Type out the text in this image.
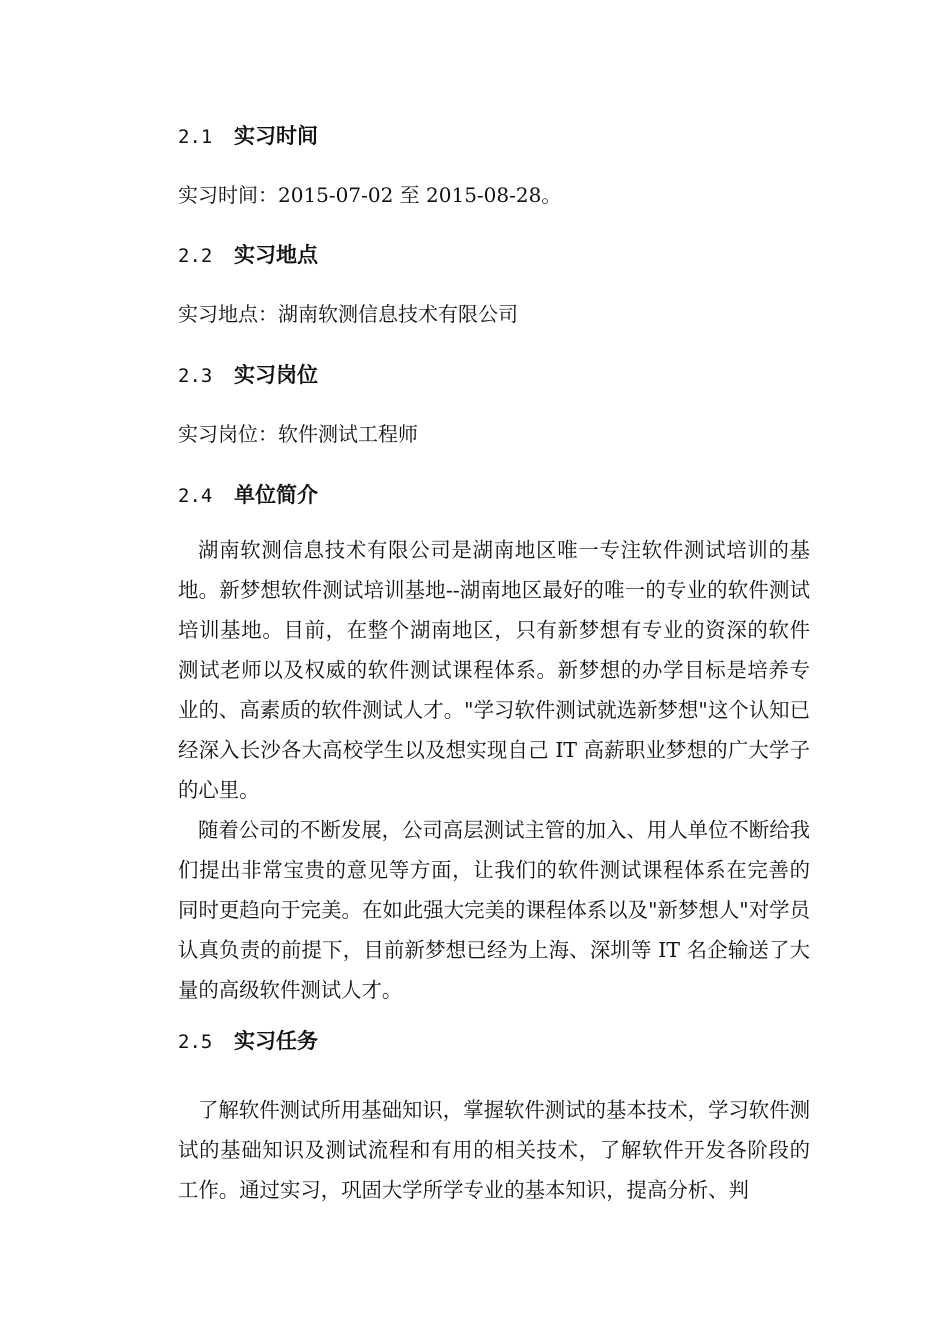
2.1 实习时间
实习时间：2015-07-02 至 2015-08-28。
2.2 实习地点
实习地点：湖南软测信息技术有限公司
2.3 实习岗位
实习岗位：软件测试工程师
2.4 单位简介

湖南软测信息技术有限公司是湖南地区唯一专注软件测试培训的基地。新梦想软件测试培训基地--湖南地区最好的唯一的专业的软件测试培训基地。目前，在整个湖南地区，只有新梦想有专业的资深的软件测试老师以及权威的软件测试课程体系。新梦想的办学目标是培养专业的、高素质的软件测试人才。"学习软件测试就选新梦想"这个认知已经深入长沙各大高校学生以及想实现自己 IT 高薪职业梦想的广大学子的心里。

随着公司的不断发展，公司高层测试主管的加入、用人单位不断给我们提出非常宝贵的意见等方面，让我们的软件测试课程体系在完善的同时更趋向于完美。在如此强大完美的课程体系以及"新梦想人"对学员认真负责的前提下，目前新梦想已经为上海、深圳等 IT 名企输送了大量的高级软件测试人才。

2.5 实习任务

了解软件测试所用基础知识，掌握软件测试的基本技术，学习软件测试的基础知识及测试流程和有用的相关技术，了解软件开发各阶段的工作。通过实习，巩固大学所学专业的基本知识，提高分析、判
